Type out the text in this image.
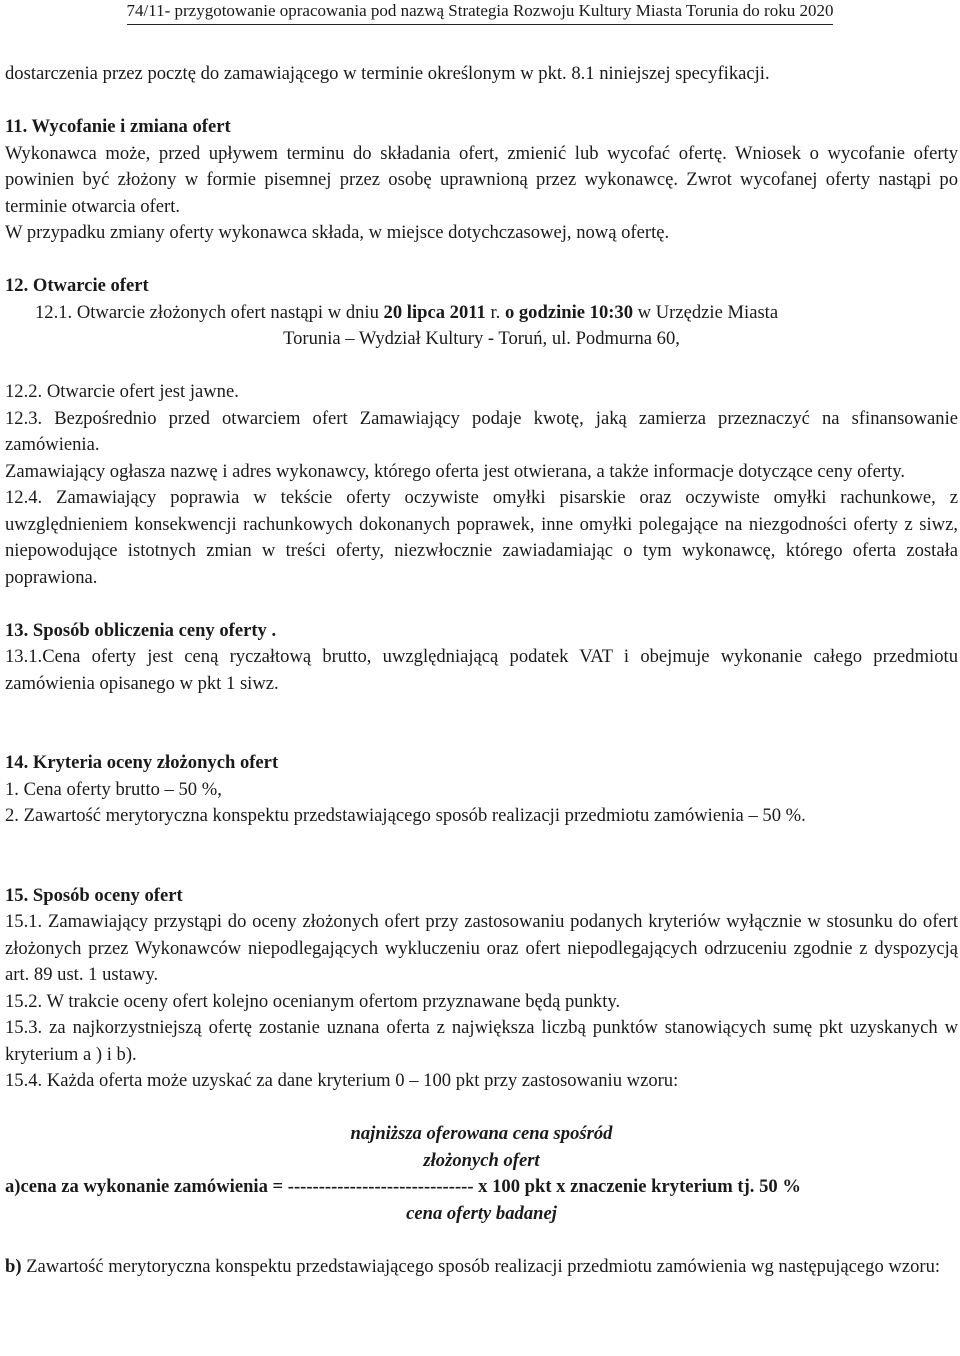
74/11- przygotowanie opracowania pod nazwą Strategia Rozwoju Kultury Miasta Torunia do roku 2020

dostarczenia przez pocztę do zamawiającego w terminie określonym w pkt. 8.1 niniejszej specyfikacji.

11. Wycofanie i zmiana ofert

Wykonawca może, przed upływem terminu do składania ofert, zmienić lub wycofać ofertę. Wniosek o wycofanie oferty powinien być złożony w formie pisemnej przez osobę uprawnioną przez wykonawcę. Zwrot wycofanej oferty nastąpi po terminie otwarcia ofert.

W przypadku zmiany oferty wykonawca składa, w miejsce dotychczasowej, nową ofertę.

12. Otwarcie ofert

12.1. Otwarcie złożonych ofert nastąpi w dniu 20 lipca 2011 r. o godzinie 10:30 w Urzędzie Miasta

Torunia – Wydział Kultury - Toruń, ul. Podmurna 60,

12.2. Otwarcie ofert jest jawne.

12.3. Bezpośrednio przed otwarciem ofert Zamawiający podaje kwotę, jaką zamierza przeznaczyć na sfinansowanie zamówienia.

Zamawiający ogłasza nazwę i adres wykonawcy, którego oferta jest otwierana, a także informacje dotyczące ceny oferty.

12.4. Zamawiający poprawia w tekście oferty oczywiste omyłki pisarskie oraz oczywiste omyłki rachunkowe, z uwzględnieniem konsekwencji rachunkowych dokonanych poprawek, inne omyłki polegające na niezgodności oferty z siwz, niepowodujące istotnych zmian w treści oferty, niezwłocznie zawiadamiając o tym wykonawcę, którego oferta została poprawiona.

13. Sposób obliczenia ceny oferty .

13.1.Cena oferty jest ceną ryczałtową brutto, uwzględniającą podatek VAT i obejmuje wykonanie całego przedmiotu zamówienia opisanego w pkt 1 siwz.

14. Kryteria oceny złożonych ofert

1. Cena oferty brutto – 50 %,

2. Zawartość merytoryczna konspektu przedstawiającego sposób realizacji przedmiotu zamówienia – 50 %.

15. Sposób oceny ofert

15.1. Zamawiający przystąpi do oceny złożonych ofert przy zastosowaniu podanych kryteriów wyłącznie w stosunku do ofert złożonych przez Wykonawców niepodlegających wykluczeniu oraz ofert niepodlegających odrzuceniu zgodnie z dyspozycją art. 89 ust. 1 ustawy.

15.2. W trakcie oceny ofert kolejno ocenianym ofertom przyznawane będą punkty.

15.3. za najkorzystniejszą ofertę zostanie uznana oferta z największa liczbą punktów stanowiących sumę pkt uzyskanych w kryterium a ) i b).

15.4. Każda oferta może uzyskać za dane kryterium 0 – 100 pkt przy zastosowaniu wzoru:

najniższa oferowana cena spośród

złożonych ofert

a)cena za wykonanie zamówienia = ------------------------------ x 100 pkt x znaczenie kryterium tj. 50 %

cena oferty badanej

b) Zawartość merytoryczna konspektu przedstawiającego sposób realizacji przedmiotu zamówienia wg następującego wzoru:
